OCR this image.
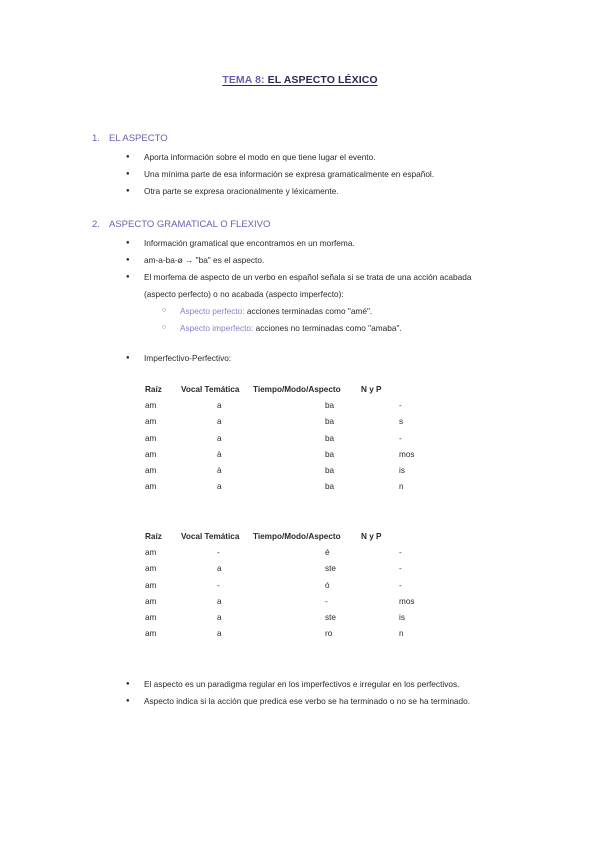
TEMA 8: EL ASPECTO LÉXICO
1. EL ASPECTO
● Aporta información sobre el modo en que tiene lugar el evento.
● Una mínima parte de esa informaciòn se expresa gramaticalmente en español.
● Otra parte se expresa oracionalmente y léxicamente.
2. ASPECTO GRAMATICAL O FLEXIVO
● Información gramatical que encontramos en un morfema.
● am-a-ba-ø → "ba" es el aspecto.
● El morfema de aspecto de un verbo en español señala si se trata de una acción acabada
(aspecto perfecto) o no acabada (aspecto imperfecto):
○ Aspecto perfecto: acciones terminadas como "amé".
○ Aspecto imperfecto: acciones no terminadas como "amaba".
● Imperfectivo-Perfectivo:
Raíz	Vocal Temática	Tiempo/Modo/Aspecto	N y P
am	a	ba	-
am	a	ba	s
am	a	ba	-
am	à	ba	mos
am	à	ba	is
am	a	ba	n
Raíz	Vocal Temática	Tiempo/Modo/Aspecto	N y P
am	-	é	-
am	a	ste	-
am	-	ó	-
am	a	-	mos
am	a	ste	is
am	a	ro	n
● El aspecto es un paradigma regular en los imperfectivos e irregular en los perfectivos.
● Aspecto indica si la acción que predica ese verbo se ha terminado o no se ha terminado.
